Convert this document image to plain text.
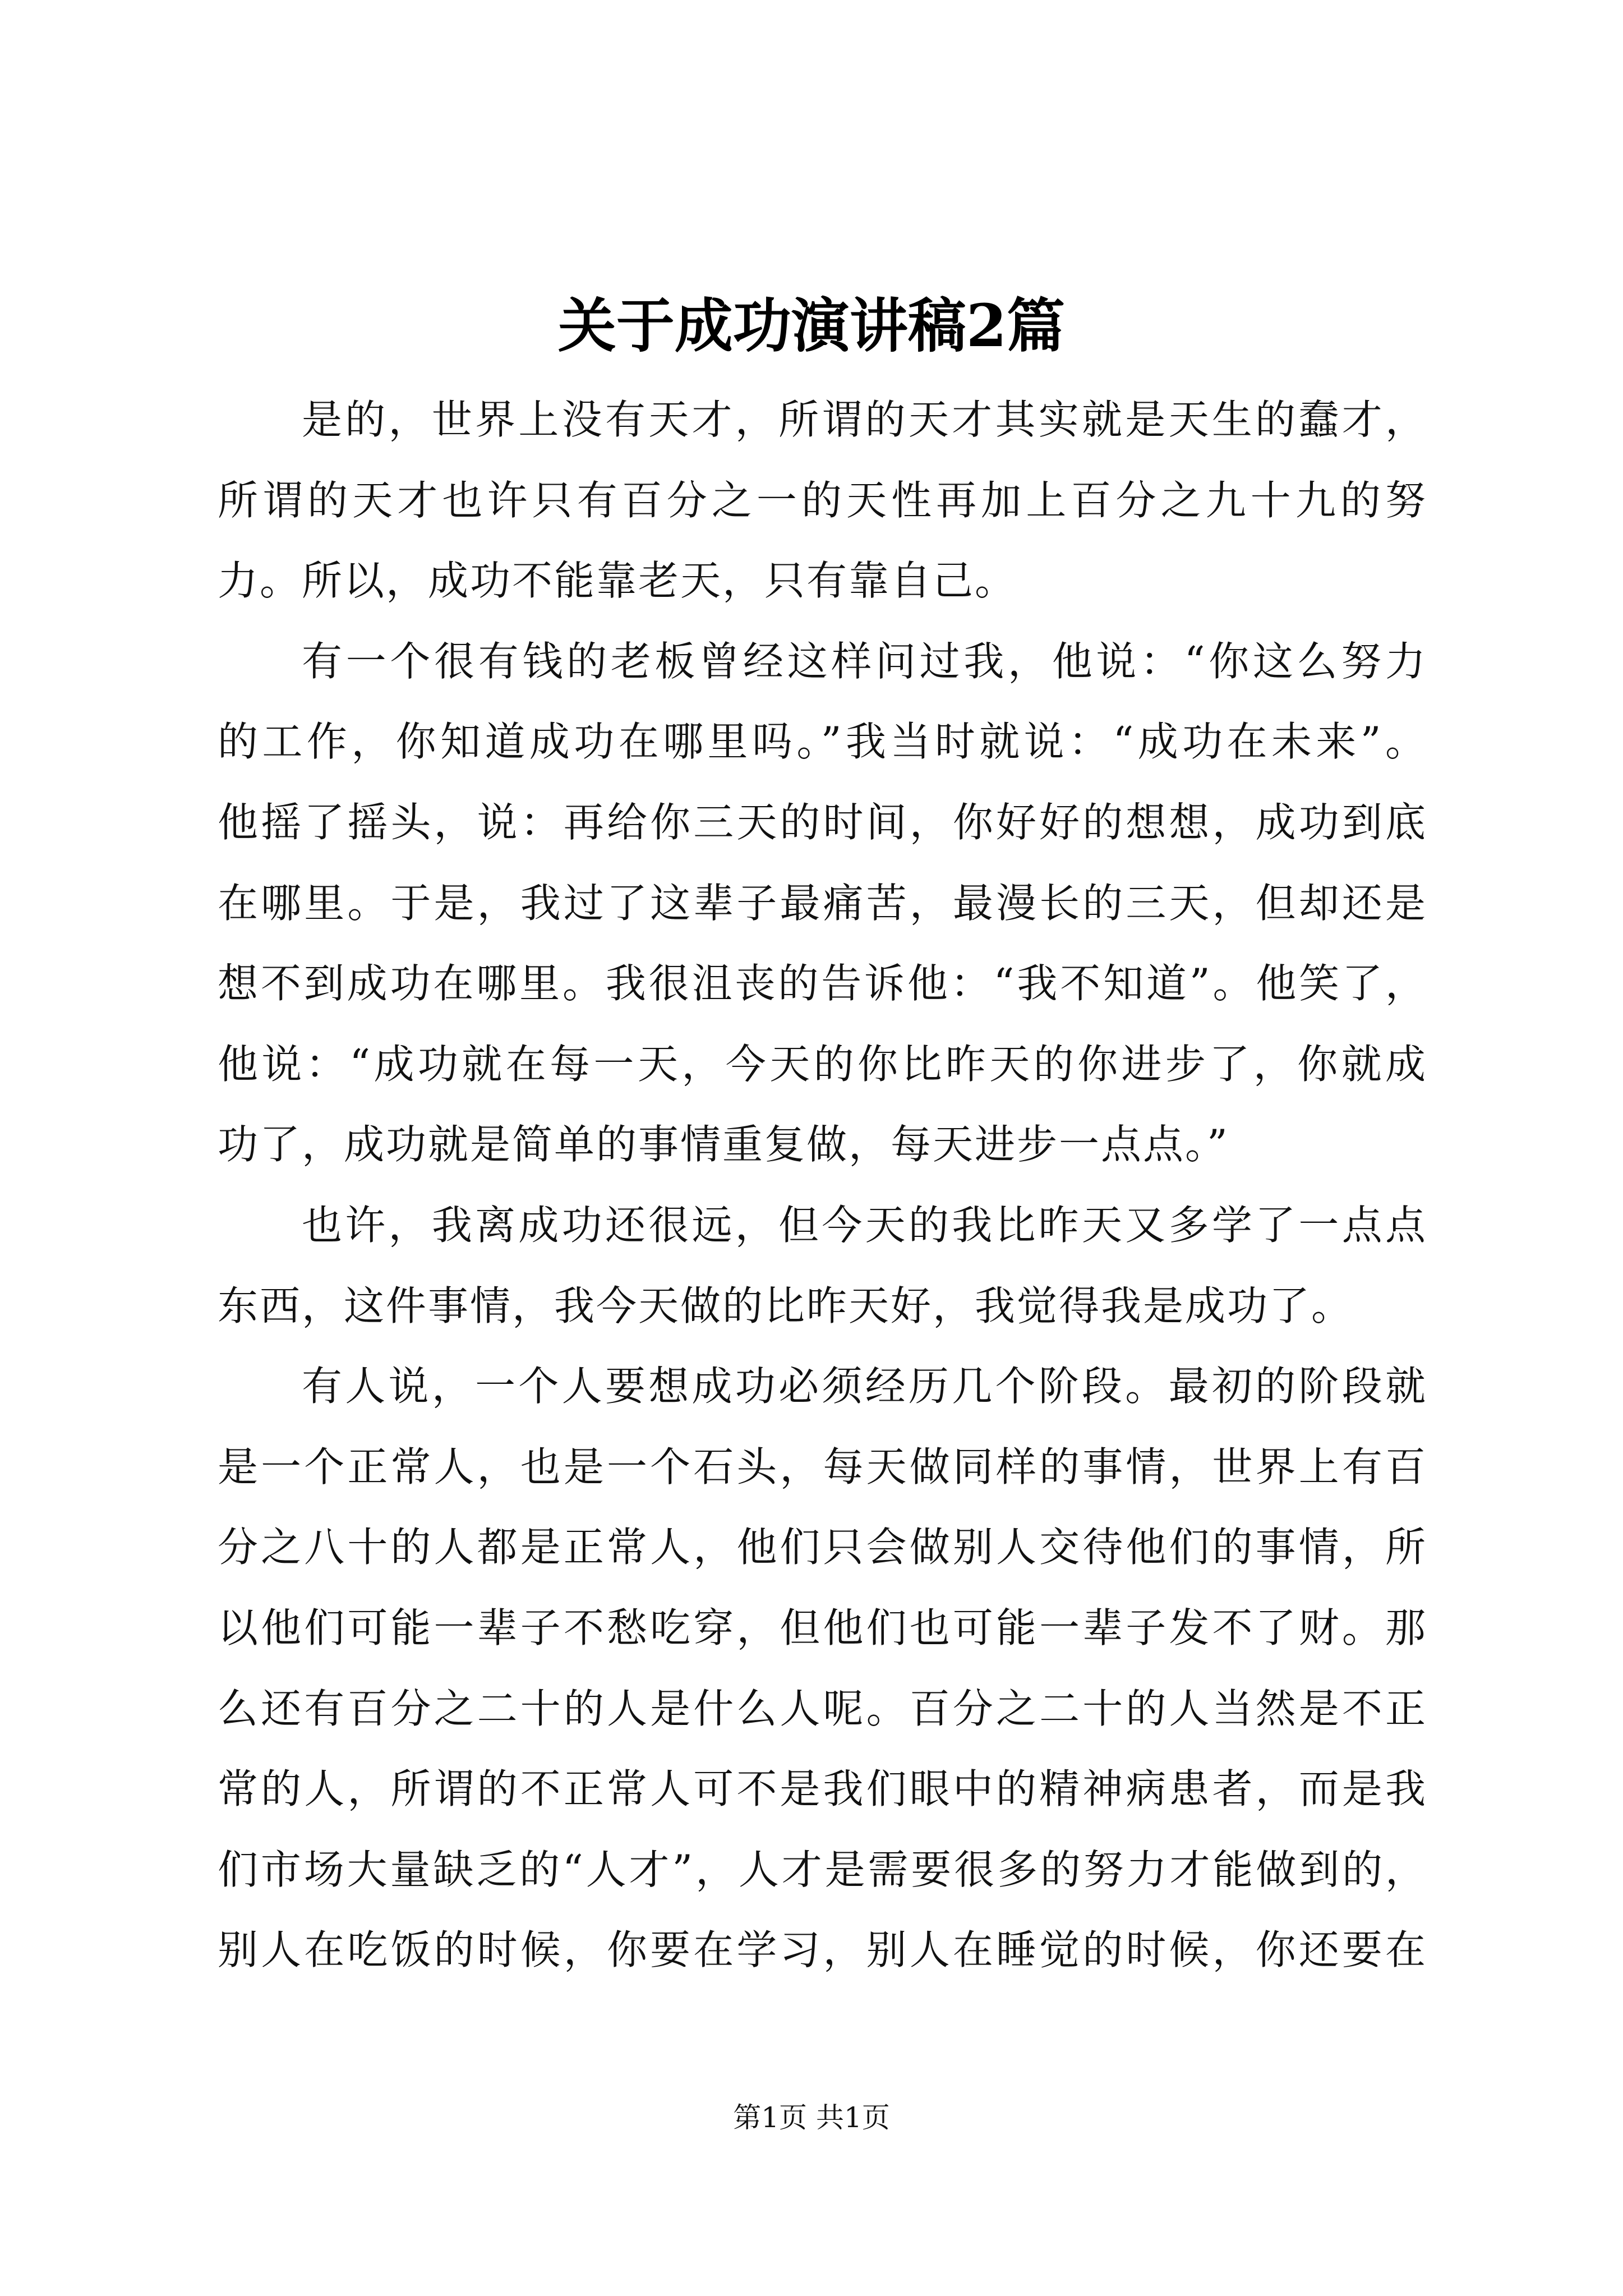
关于成功演讲稿2篇
是的，世界上没有天才，所谓的天才其实就是天生的蠢才，
所谓的天才也许只有百分之一的天性再加上百分之九十九的努
力。所以，成功不能靠老天，只有靠自己。
有一个很有钱的老板曾经这样问过我，他说：“你这么努力
的工作，你知道成功在哪里吗。”我当时就说：“成功在未来”。
他摇了摇头，说：再给你三天的时间，你好好的想想，成功到底
在哪里。于是，我过了这辈子最痛苦，最漫长的三天，但却还是
想不到成功在哪里。我很沮丧的告诉他：“我不知道”。他笑了，
他说：“成功就在每一天，今天的你比昨天的你进步了，你就成
功了，成功就是简单的事情重复做，每天进步一点点。”
也许，我离成功还很远，但今天的我比昨天又多学了一点点
东西，这件事情，我今天做的比昨天好，我觉得我是成功了。
有人说，一个人要想成功必须经历几个阶段。最初的阶段就
是一个正常人，也是一个石头，每天做同样的事情，世界上有百
分之八十的人都是正常人，他们只会做别人交待他们的事情，所
以他们可能一辈子不愁吃穿，但他们也可能一辈子发不了财。那
么还有百分之二十的人是什么人呢。百分之二十的人当然是不正
常的人，所谓的不正常人可不是我们眼中的精神病患者，而是我
们市场大量缺乏的“人才”，人才是需要很多的努力才能做到的，
别人在吃饭的时候，你要在学习，别人在睡觉的时候，你还要在
第1页 共1页
